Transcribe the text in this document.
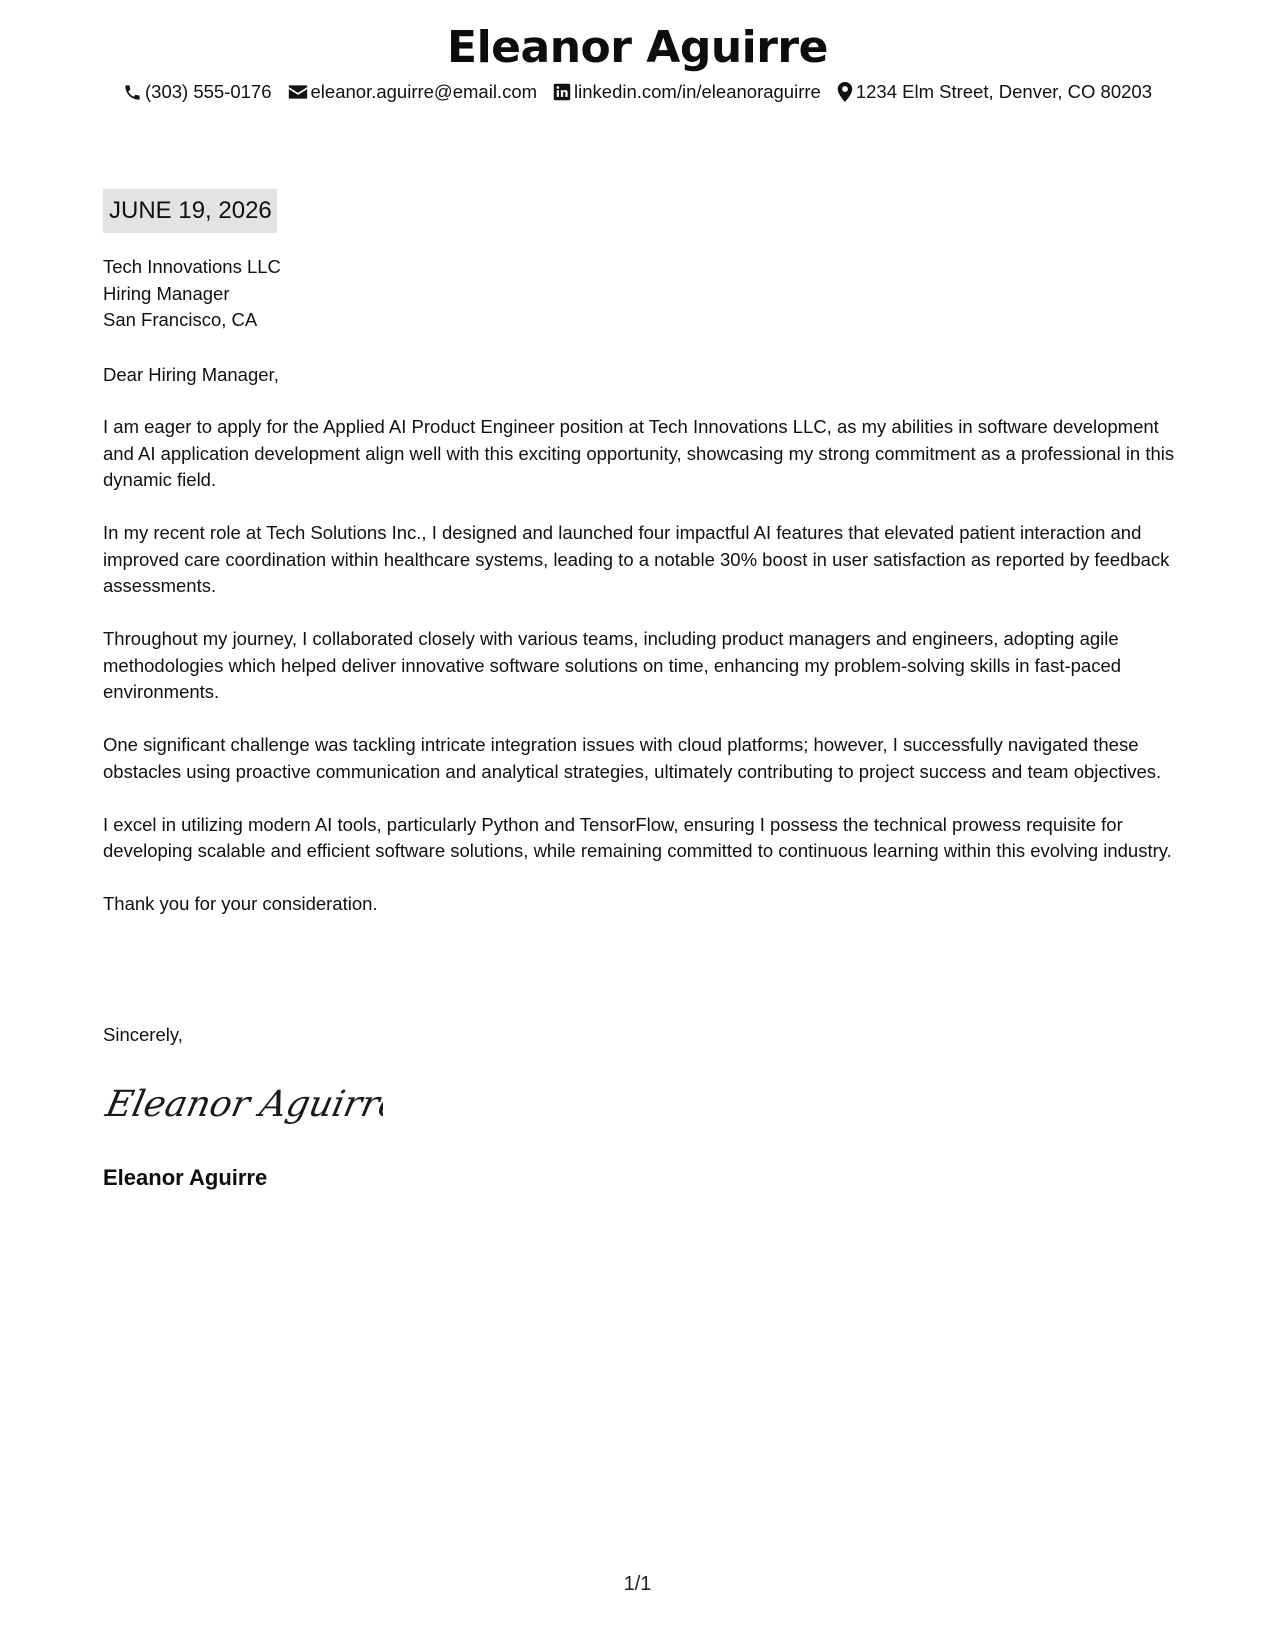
Eleanor Aguirre
(303) 555-0176 eleanor.aguirre@email.com linkedin.com/in/eleanoraguirre 1234 Elm Street, Denver, CO 80203
JUNE 19, 2026
Tech Innovations LLC
Hiring Manager
San Francisco, CA
Dear Hiring Manager,

I am eager to apply for the Applied AI Product Engineer position at Tech Innovations LLC, as my abilities in software development and AI application development align well with this exciting opportunity, showcasing my strong commitment as a professional in this dynamic field.

In my recent role at Tech Solutions Inc., I designed and launched four impactful AI features that elevated patient interaction and improved care coordination within healthcare systems, leading to a notable 30% boost in user satisfaction as reported by feedback assessments.

Throughout my journey, I collaborated closely with various teams, including product managers and engineers, adopting agile methodologies which helped deliver innovative software solutions on time, enhancing my problem-solving skills in fast-paced environments.

One significant challenge was tackling intricate integration issues with cloud platforms; however, I successfully navigated these obstacles using proactive communication and analytical strategies, ultimately contributing to project success and team objectives.

I excel in utilizing modern AI tools, particularly Python and TensorFlow, ensuring I possess the technical prowess requisite for developing scalable and efficient software solutions, while remaining committed to continuous learning within this evolving industry.

Thank you for your consideration.

Sincerely,
Eleanor Aguirre
Eleanor Aguirre
1/1
